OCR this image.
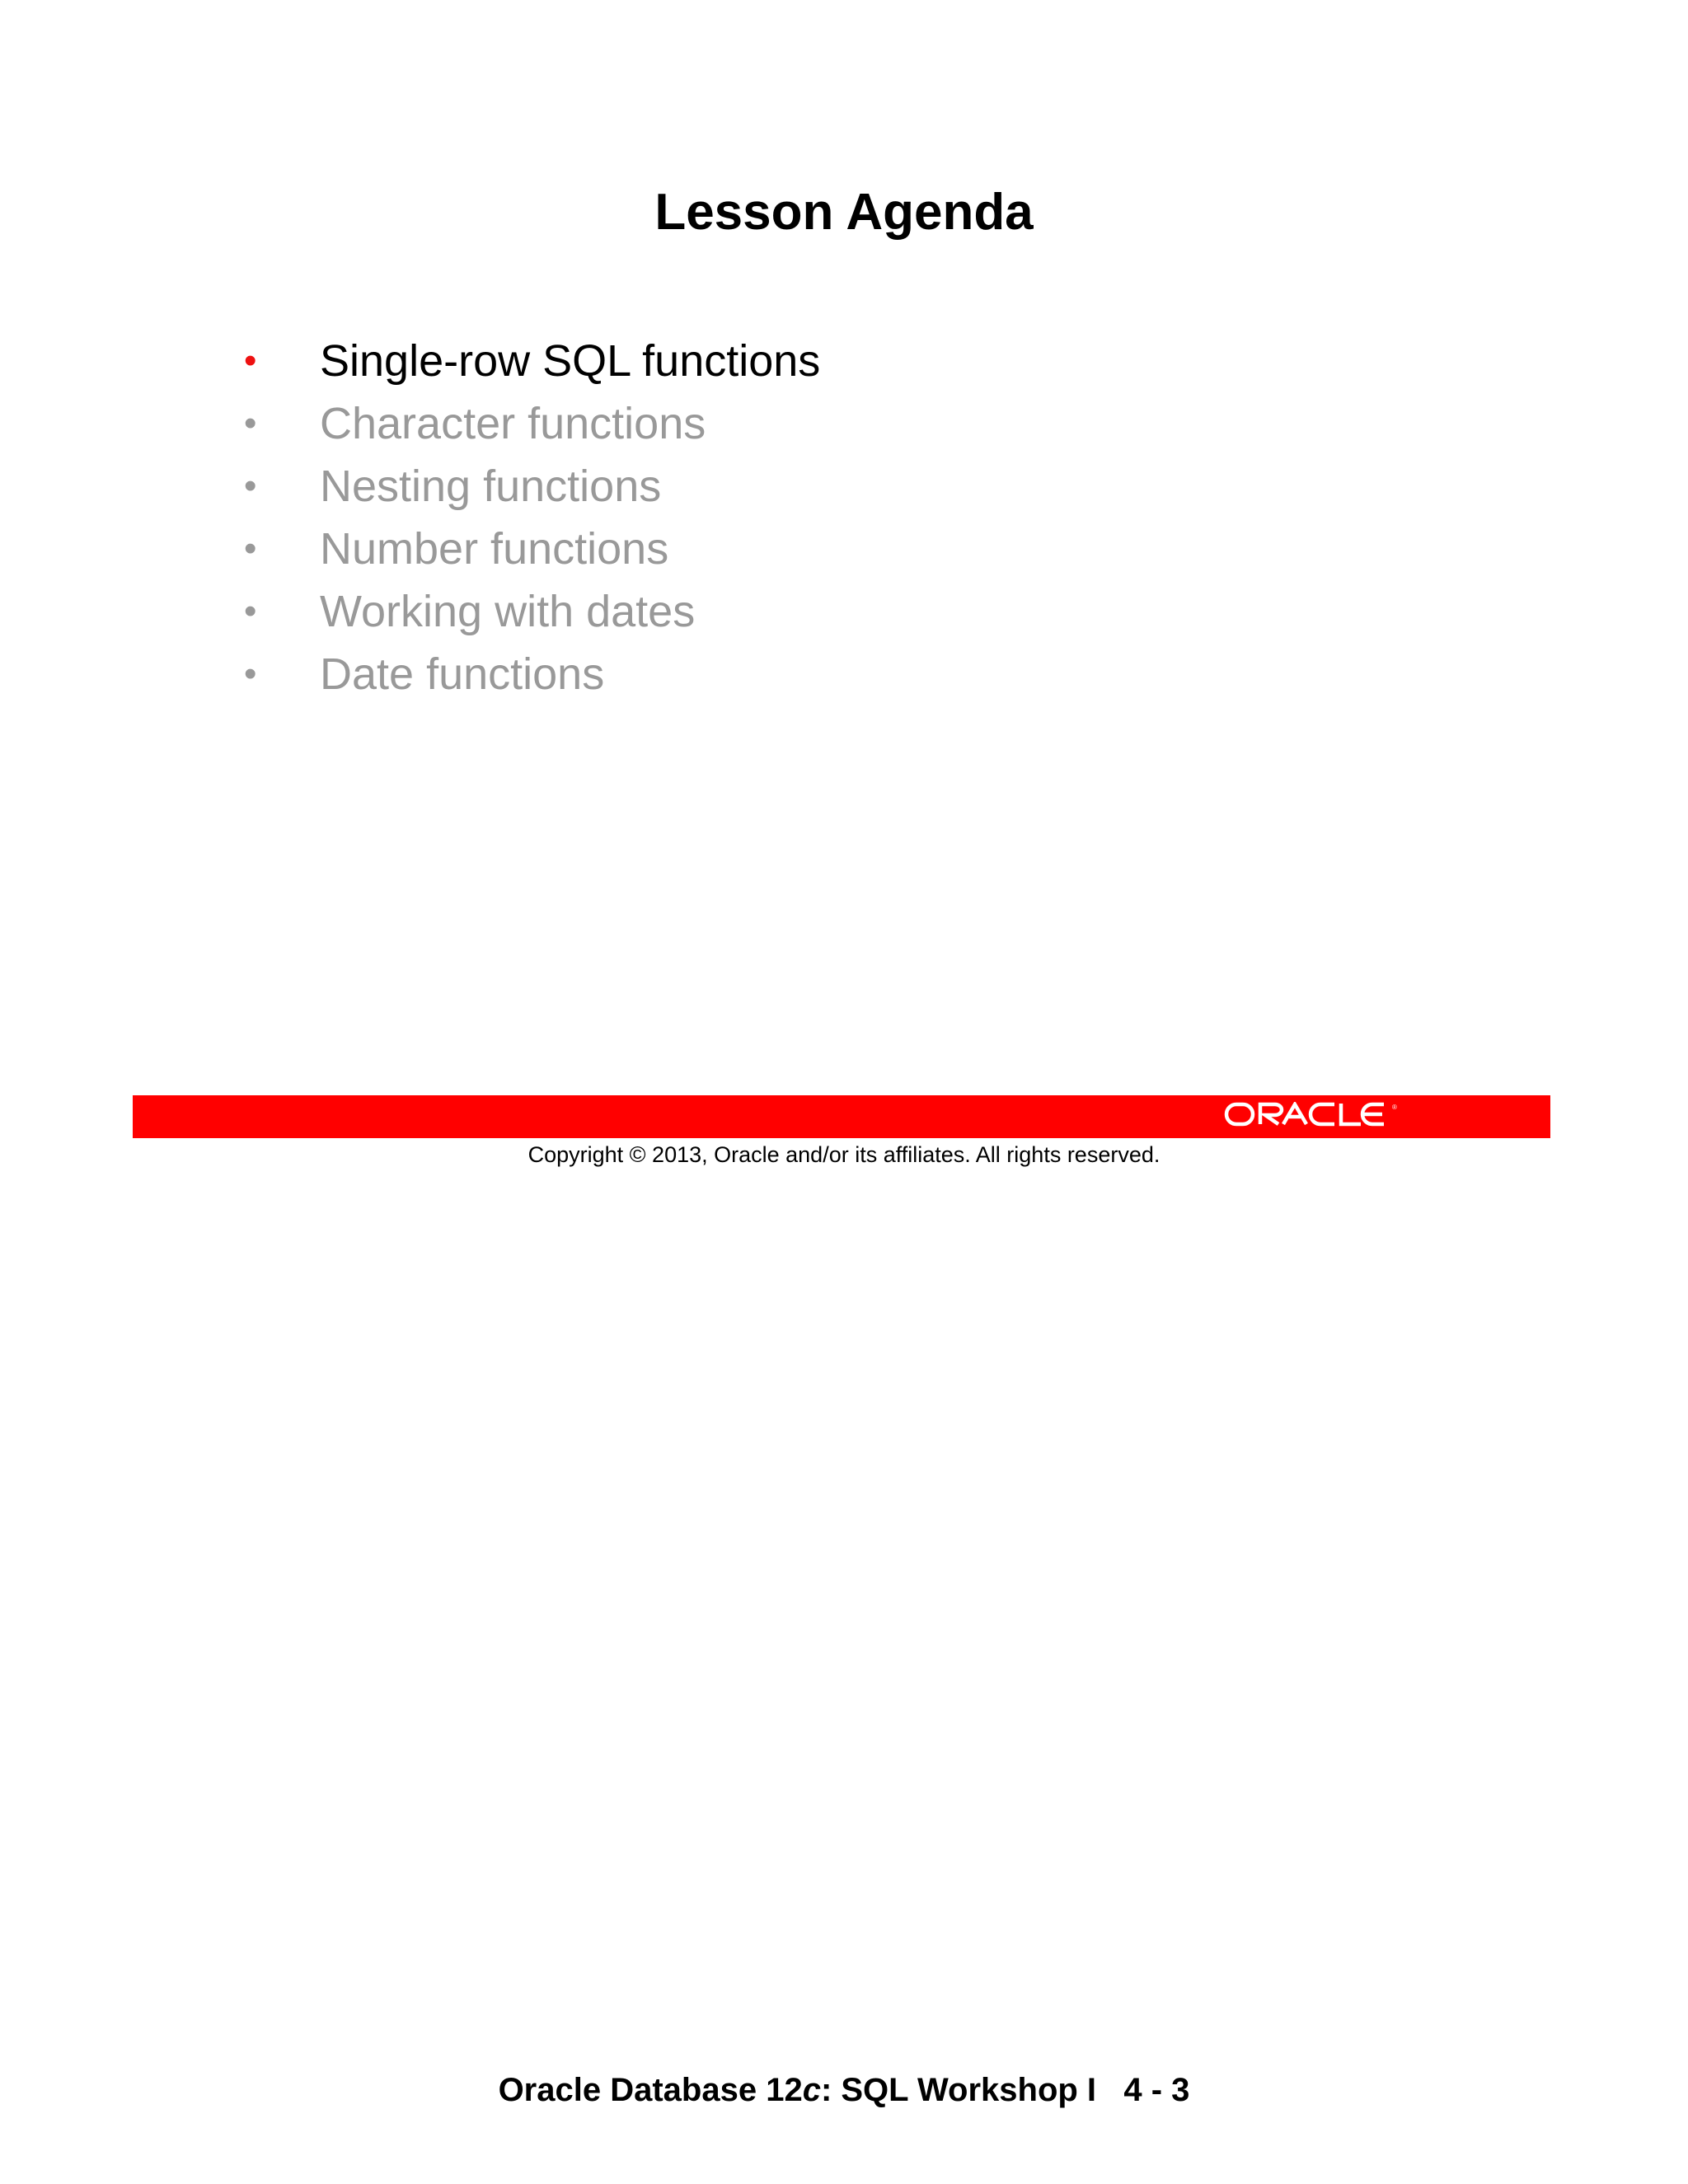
Lesson Agenda
• Single-row SQL functions
• Character functions
• Nesting functions
• Number functions
• Working with dates
• Date functions
®
Copyright © 2013, Oracle and/or its affiliates. All rights reserved.
Oracle Database 12c: SQL Workshop I   4 - 3
